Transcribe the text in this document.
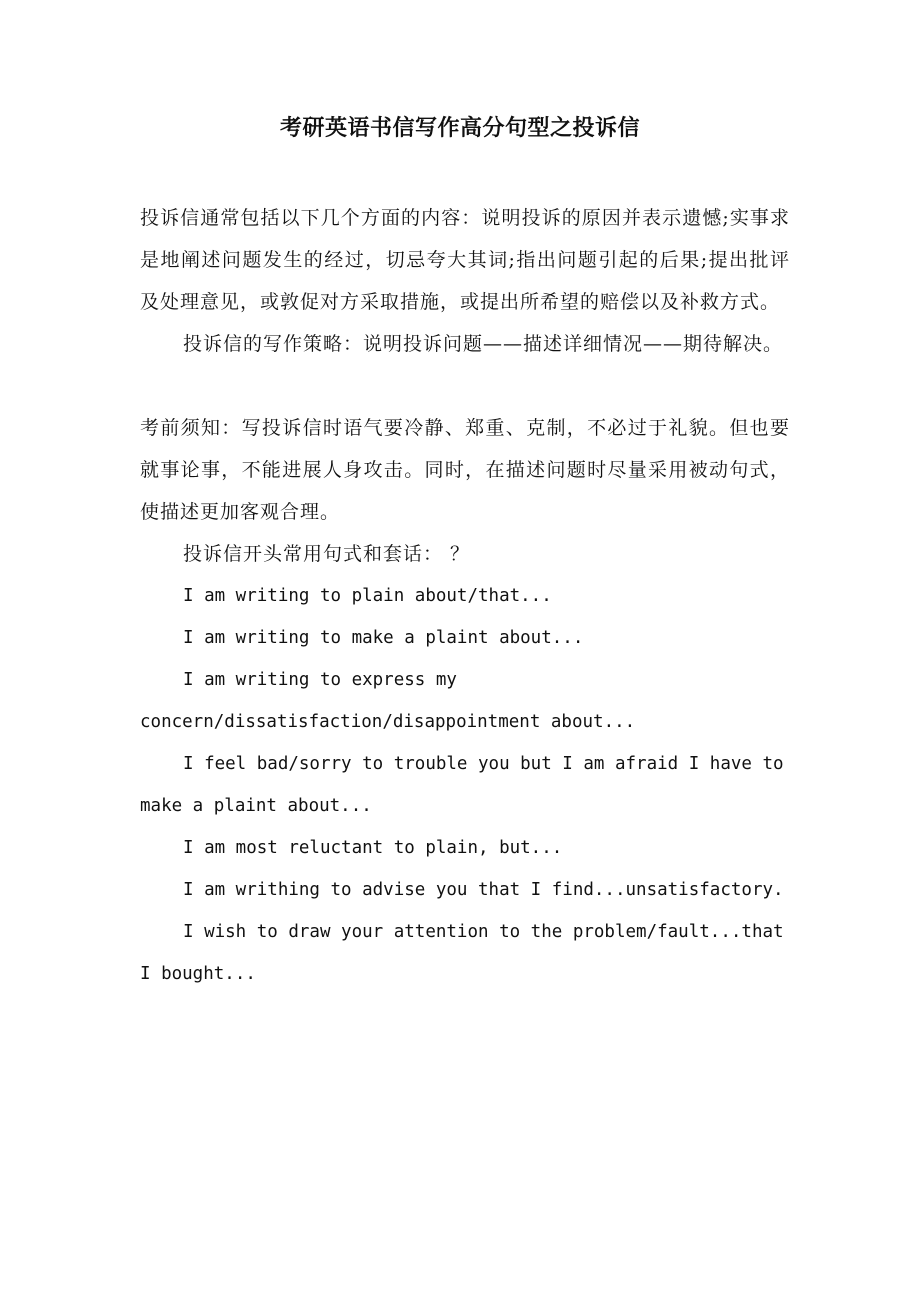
考研英语书信写作高分句型之投诉信

投诉信通常包括以下几个方面的内容：说明投诉的原因并表示遗憾;实事求是地阐述问题发生的经过，切忌夸大其词;指出问题引起的后果;提出批评及处理意见，或敦促对方采取措施，或提出所希望的赔偿以及补救方式。

投诉信的写作策略：说明投诉问题——描述详细情况——期待解决。

考前须知：写投诉信时语气要冷静、郑重、克制，不必过于礼貌。但也要就事论事，不能进展人身攻击。同时，在描述问题时尽量采用被动句式，使描述更加客观合理。

投诉信开头常用句式和套话： ？

I am writing to plain about/that...

I am writing to make a plaint about...

I am writing to express my concern/dissatisfaction/disappointment about...

I feel bad/sorry to trouble you but I am afraid I have to make a plaint about...

I am most reluctant to plain, but...

I am writhing to advise you that I find...unsatisfactory.

I wish to draw your attention to the problem/fault...that I bought...
